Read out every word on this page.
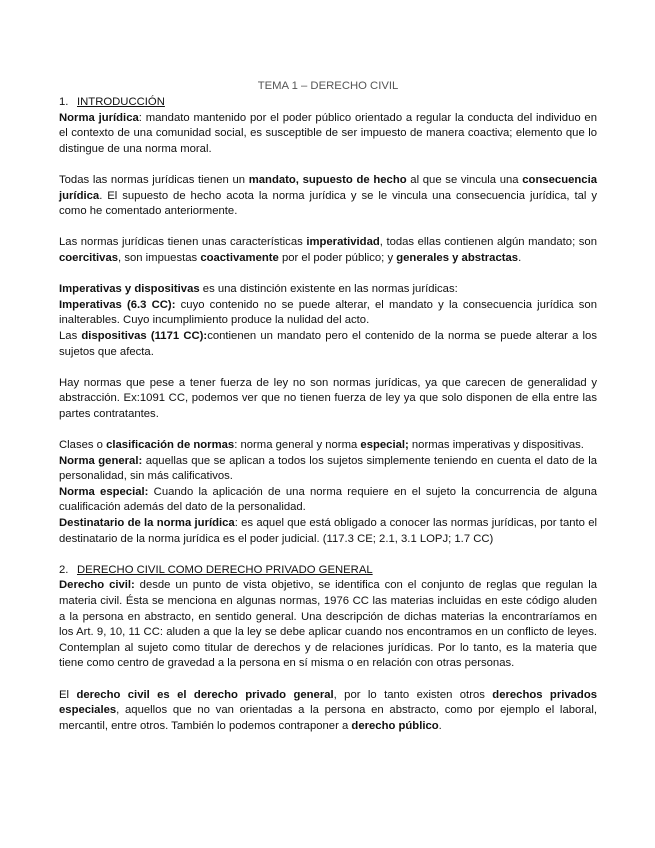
TEMA 1 – DERECHO CIVIL
1. INTRODUCCIÓN

Norma jurídica: mandato mantenido por el poder público orientado a regular la conducta del individuo en el contexto de una comunidad social, es susceptible de ser impuesto de manera coactiva; elemento que lo distingue de una norma moral.

Todas las normas jurídicas tienen un mandato, supuesto de hecho al que se vincula una consecuencia jurídica. El supuesto de hecho acota la norma jurídica y se le vincula una consecuencia jurídica, tal y como he comentado anteriormente.

Las normas jurídicas tienen unas características imperatividad, todas ellas contienen algún mandato; son coercitivas, son impuestas coactivamente por el poder público; y generales y abstractas.

Imperativas y dispositivas es una distinción existente en las normas jurídicas:

Imperativas (6.3 CC): cuyo contenido no se puede alterar, el mandato y la consecuencia jurídica son inalterables. Cuyo incumplimiento produce la nulidad del acto.

Las dispositivas (1171 CC):contienen un mandato pero el contenido de la norma se puede alterar a los sujetos que afecta.

Hay normas que pese a tener fuerza de ley no son normas jurídicas, ya que carecen de generalidad y abstracción. Ex:1091 CC, podemos ver que no tienen fuerza de ley ya que solo disponen de ella entre las partes contratantes.

Clases o clasificación de normas: norma general y norma especial; normas imperativas y dispositivas.

Norma general: aquellas que se aplican a todos los sujetos simplemente teniendo en cuenta el dato de la personalidad, sin más calificativos.

Norma especial: Cuando la aplicación de una norma requiere en el sujeto la concurrencia de alguna cualificación además del dato de la personalidad.

Destinatario de la norma jurídica: es aquel que está obligado a conocer las normas jurídicas, por tanto el destinatario de la norma jurídica es el poder judicial. (117.3 CE; 2.1, 3.1 LOPJ; 1.7 CC)

2. DERECHO CIVIL COMO DERECHO PRIVADO GENERAL

Derecho civil: desde un punto de vista objetivo, se identifica con el conjunto de reglas que regulan la materia civil. Ésta se menciona en algunas normas, 1976 CC las materias incluidas en este código aluden a la persona en abstracto, en sentido general. Una descripción de dichas materias la encontraríamos en los Art. 9, 10, 11 CC: aluden a que la ley se debe aplicar cuando nos encontramos en un conflicto de leyes. Contemplan al sujeto como titular de derechos y de relaciones jurídicas. Por lo tanto, es la materia que tiene como centro de gravedad a la persona en sí misma o en relación con otras personas.

El derecho civil es el derecho privado general, por lo tanto existen otros derechos privados especiales, aquellos que no van orientadas a la persona en abstracto, como por ejemplo el laboral, mercantil, entre otros. También lo podemos contraponer a derecho público.
